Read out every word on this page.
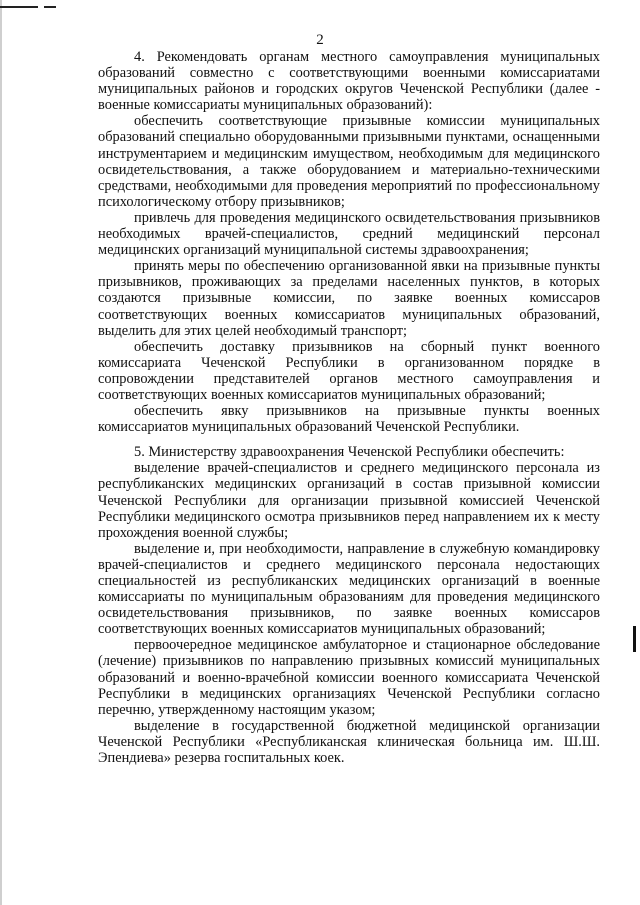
2

4. Рекомендовать органам местного самоуправления муниципальных образований совместно с соответствующими военными комиссариатами муниципальных районов и городских округов Чеченской Республики (далее - военные комиссариаты муниципальных образований):

обеспечить соответствующие призывные комиссии муниципальных образований специально оборудованными призывными пунктами, оснащенными инструментарием и медицинским имуществом, необходимым для медицинского освидетельствования, а также оборудованием и материально-техническими средствами, необходимыми для проведения мероприятий по профессиональному психологическому отбору призывников;

привлечь для проведения медицинского освидетельствования призывников необходимых врачей-специалистов, средний медицинский персонал медицинских организаций муниципальной системы здравоохранения;

принять меры по обеспечению организованной явки на призывные пункты призывников, проживающих за пределами населенных пунктов, в которых создаются призывные комиссии, по заявке военных комиссаров соответствующих военных комиссариатов муниципальных образований, выделить для этих целей необходимый транспорт;

обеспечить доставку призывников на сборный пункт военного комиссариата Чеченской Республики в организованном порядке в сопровождении представителей органов местного самоуправления и соответствующих военных комиссариатов муниципальных образований;

обеспечить явку призывников на призывные пункты военных комиссариатов муниципальных образований Чеченской Республики.

5. Министерству здравоохранения Чеченской Республики обеспечить:

выделение врачей-специалистов и среднего медицинского персонала из республиканских медицинских организаций в состав призывной комиссии Чеченской Республики для организации призывной комиссией Чеченской Республики медицинского осмотра призывников перед направлением их к месту прохождения военной службы;

выделение и, при необходимости, направление в служебную командировку врачей-специалистов и среднего медицинского персонала недостающих специальностей из республиканских медицинских организаций в военные комиссариаты по муниципальным образованиям для проведения медицинского освидетельствования призывников, по заявке военных комиссаров соответствующих военных комиссариатов муниципальных образований;

первоочередное медицинское амбулаторное и стационарное обследование (лечение) призывников по направлению призывных комиссий муниципальных образований и военно-врачебной комиссии военного комиссариата Чеченской Республики в медицинских организациях Чеченской Республики согласно перечню, утвержденному настоящим указом;

выделение в государственной бюджетной медицинской организации Чеченской Республики «Республиканская клиническая больница им. Ш.Ш. Эпендиева» резерва госпитальных коек.
